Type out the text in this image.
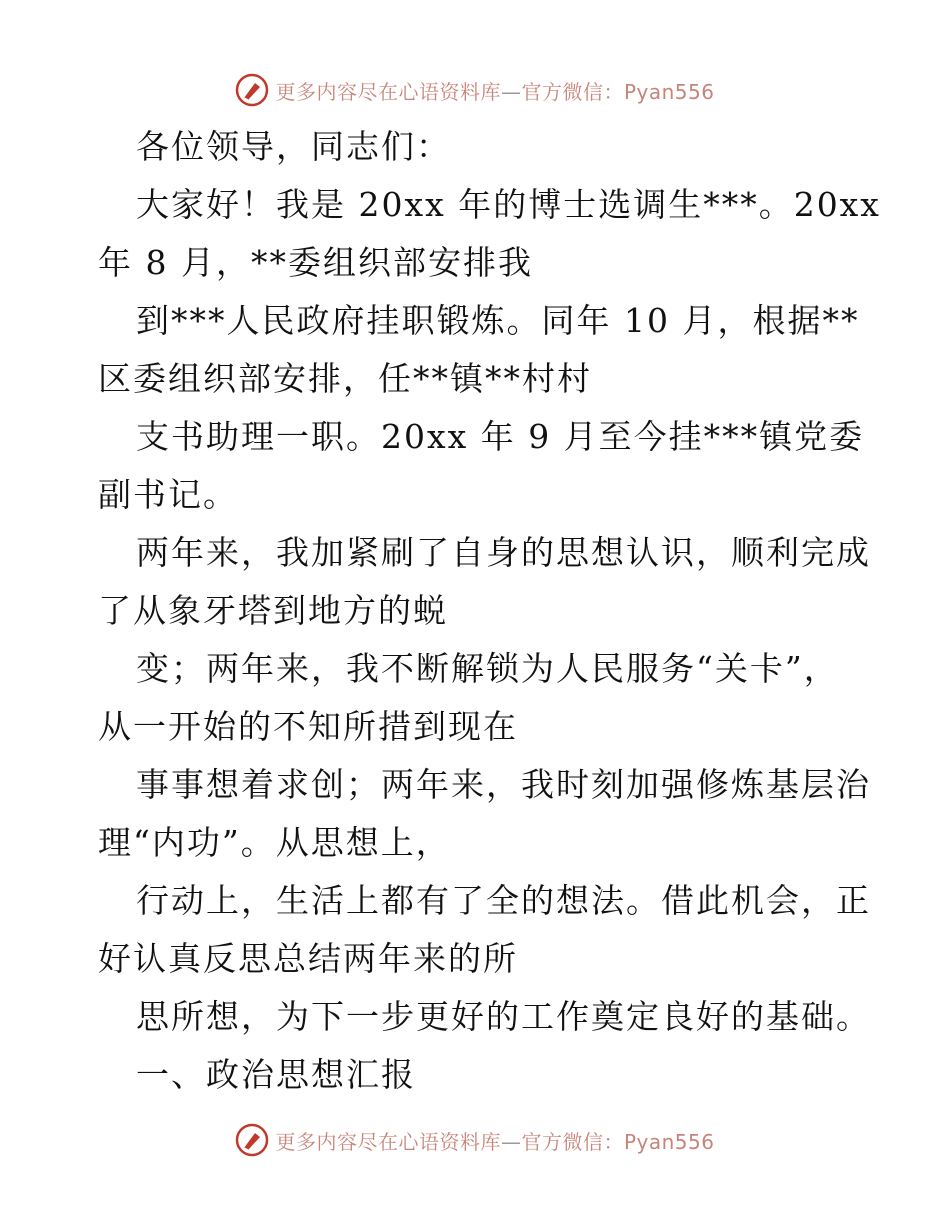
更多内容尽在心语资料库—官方微信：Pyan556
各位领导，同志们：
大家好！我是 20xx 年的博士选调生***。20xx
年 8 月，**委组织部安排我
到***人民政府挂职锻炼。同年 10 月，根据**
区委组织部安排，任**镇**村村
支书助理一职。20xx 年 9 月至今挂***镇党委
副书记。
两年来，我加紧刷了自身的思想认识，顺利完成
了从象牙塔到地方的蜕
变；两年来，我不断解锁为人民服务“关卡”，
从一开始的不知所措到现在
事事想着求创；两年来，我时刻加强修炼基层治
理“内功”。从思想上，
行动上，生活上都有了全的想法。借此机会，正
好认真反思总结两年来的所
思所想，为下一步更好的工作奠定良好的基础。
一、政治思想汇报
更多内容尽在心语资料库—官方微信：Pyan556
